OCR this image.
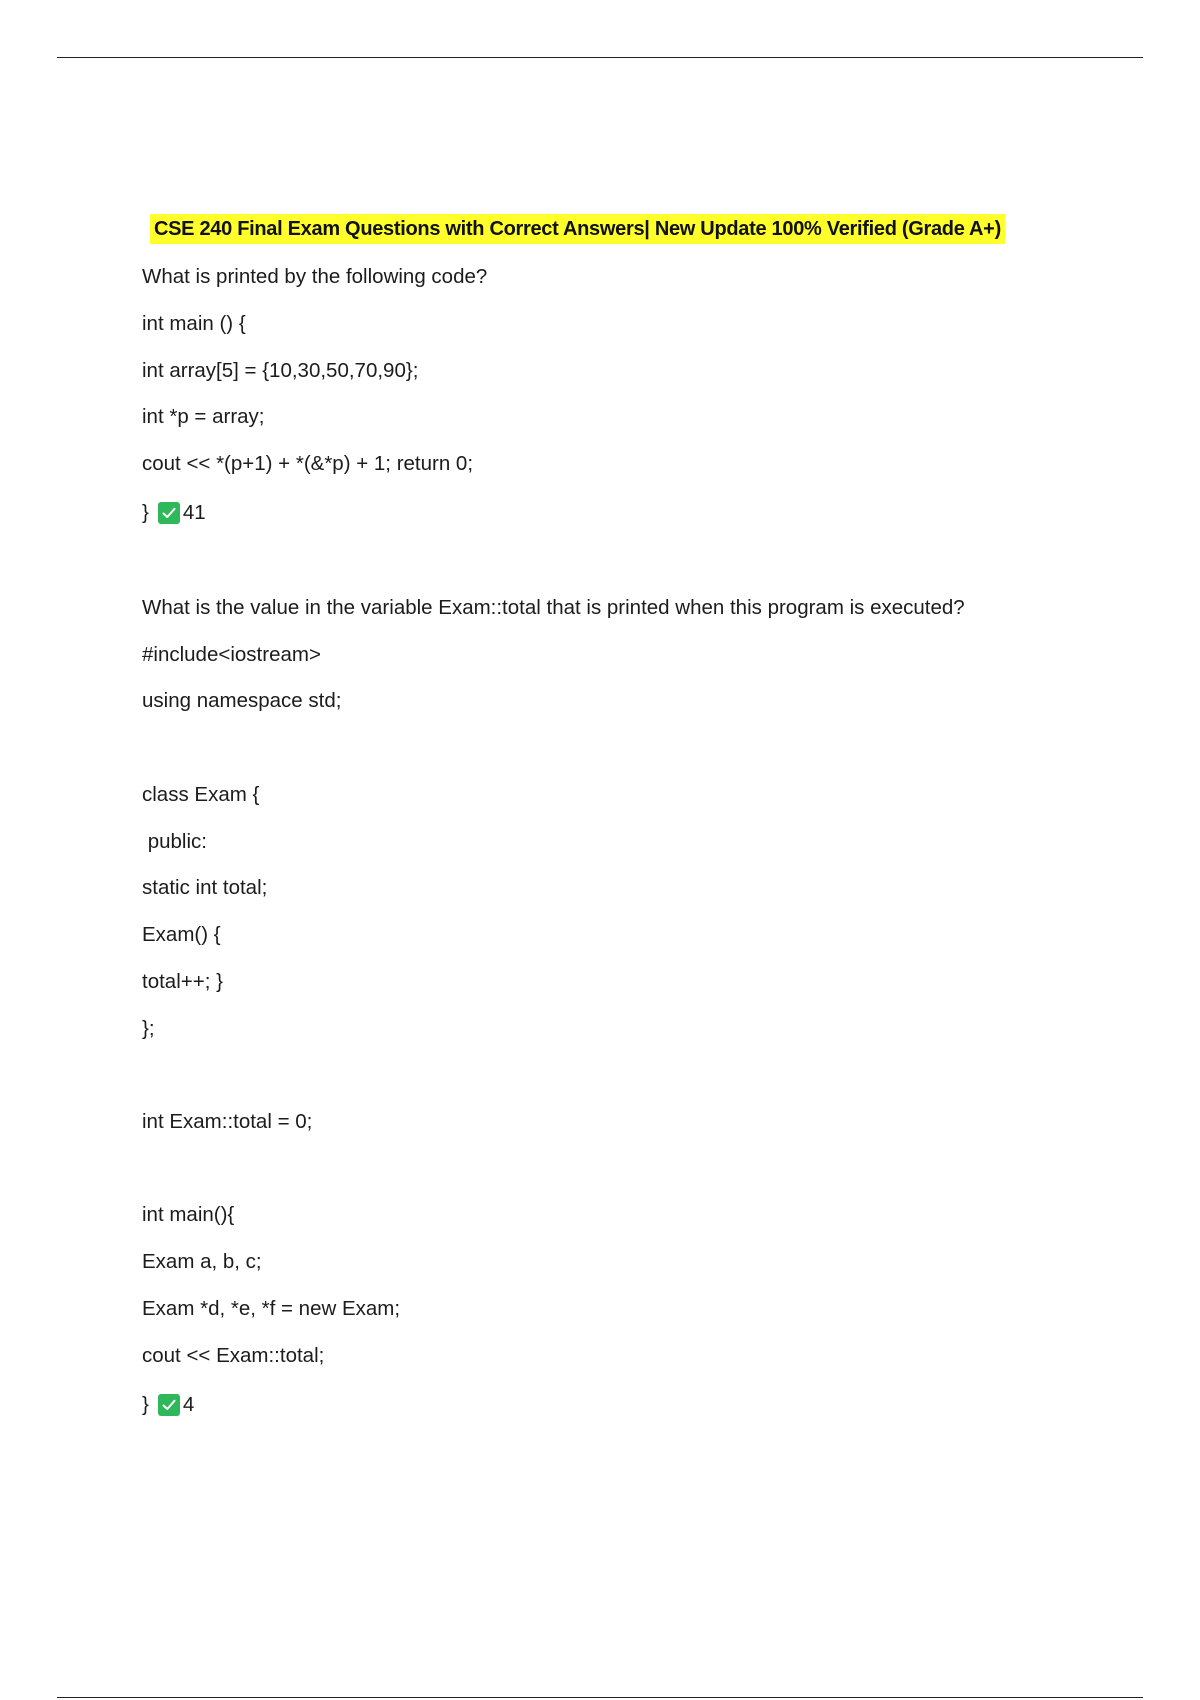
CSE 240 Final Exam Questions with Correct Answers| New Update 100% Verified (Grade A+)
What is printed by the following code?
int main () {
int array[5] = {10,30,50,70,90};
int *p = array;
cout << *(p+1) + *(&*p) + 1; return 0;
} 41
What is the value in the variable Exam::total that is printed when this program is executed?
#include<iostream>
using namespace std;
class Exam {
public:
static int total;
Exam() {
total++; }
};
int Exam::total = 0;
int main(){
Exam a, b, c;
Exam *d, *e, *f = new Exam;
cout << Exam::total;
} 4
